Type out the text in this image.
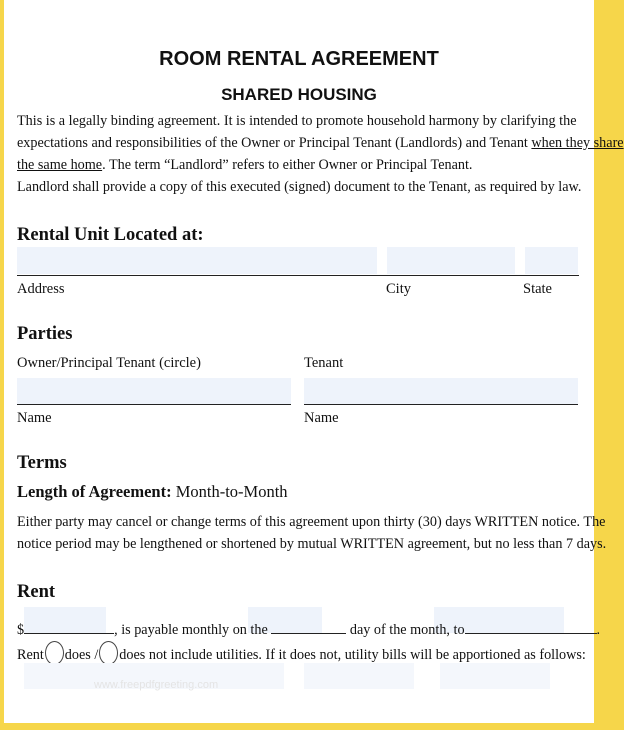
ROOM RENTAL AGREEMENT
SHARED HOUSING
This is a legally binding agreement. It is intended to promote household harmony by clarifying the
expectations and responsibilities of the Owner or Principal Tenant (Landlords) and Tenant when they share
the same home. The term “Landlord” refers to either Owner or Principal Tenant.
Landlord shall provide a copy of this executed (signed) document to the Tenant, as required by law.
Rental Unit Located at:
Address	City	State
Parties
Owner/Principal Tenant (circle)	Tenant
Name	Name
Terms
Length of Agreement: Month-to-Month
Either party may cancel or change terms of this agreement upon thirty (30) days WRITTEN notice. The
notice period may be lengthened or shortened by mutual WRITTEN agreement, but no less than 7 days.
Rent
$	, is payable monthly on the	day of the month, to	.
Rent does / does not include utilities. If it does not, utility bills will be apportioned as follows:
www.freepdfgreeting.com
